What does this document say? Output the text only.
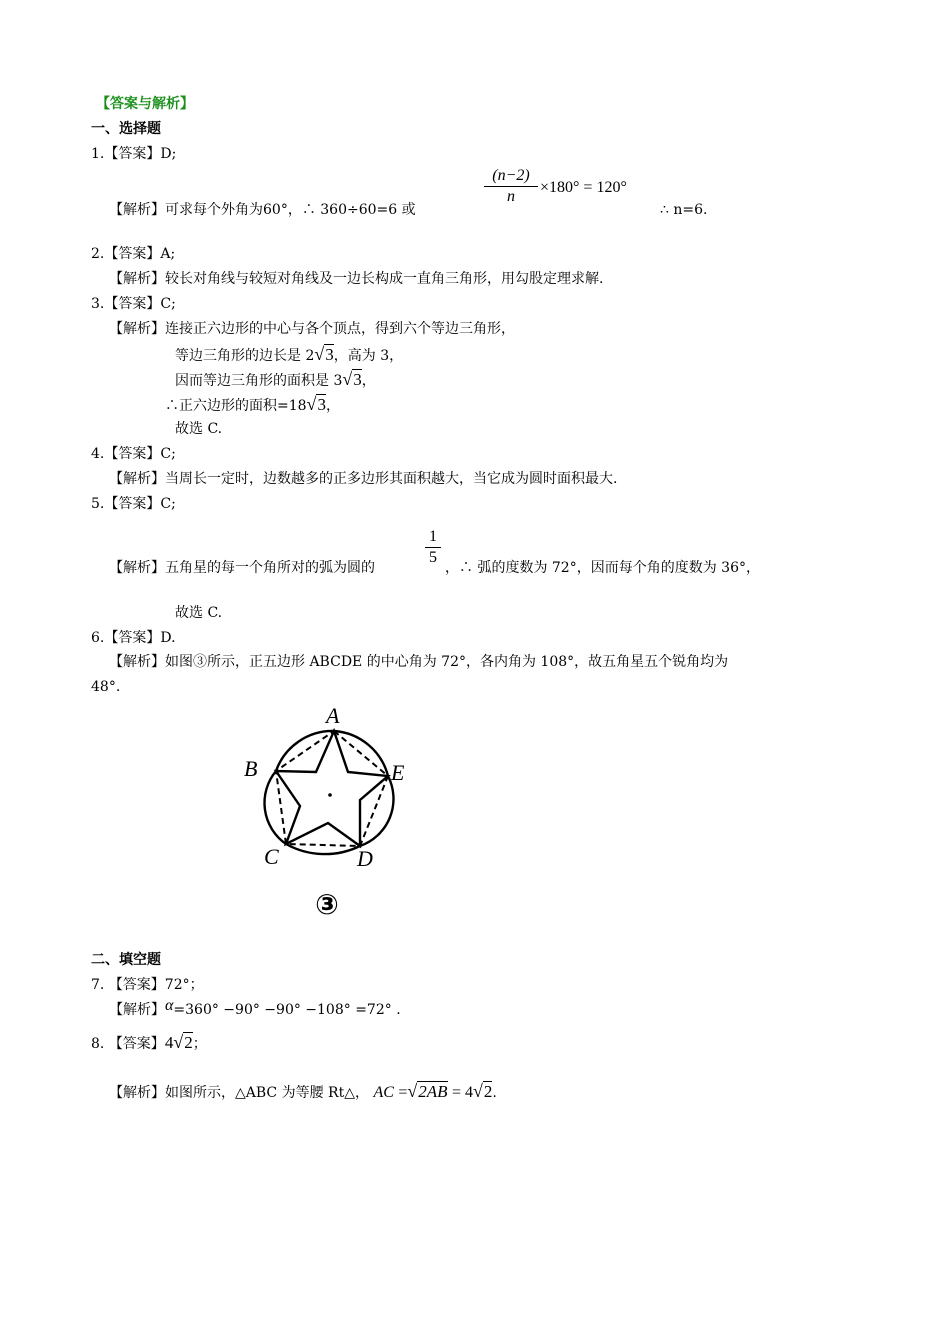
【答案与解析】
一、选择题
1.【答案】D;
(n−2)
n
×180° = 120°
【解析】可求每个外角为60°，∴ 360÷60=6 或	∴ n=6.
2.【答案】A;
【解析】较长对角线与较短对角线及一边长构成一直角三角形，用勾股定理求解.
3.【答案】C;
【解析】连接正六边形的中心与各个顶点，得到六个等边三角形，
等边三角形的边长是 2√3，高为 3，
因而等边三角形的面积是 3√3，
∴正六边形的面积=18√3，
故选 C.
4.【答案】C;
【解析】当周长一定时，边数越多的正多边形其面积越大，当它成为圆时面积最大.
5.【答案】C;
【解析】五角星的每一个角所对的弧为圆的
1
5
，∴ 弧的度数为 72°，因而每个角的度数为 36°，
故选 C.
6.【答案】D.
【解析】如图③所示，正五边形 ABCDE 的中心角为 72°，各内角为 108°，故五角星五个锐角均为
48°.
A
B	E
C	D
③
二、填空题
7. 【答案】72°；
【解析】α=360° −90° −90° −108° =72° .
8. 【答案】4√2；
【解析】如图所示，△ABC 为等腰 Rt△， AC =√2AB = 4√2.
